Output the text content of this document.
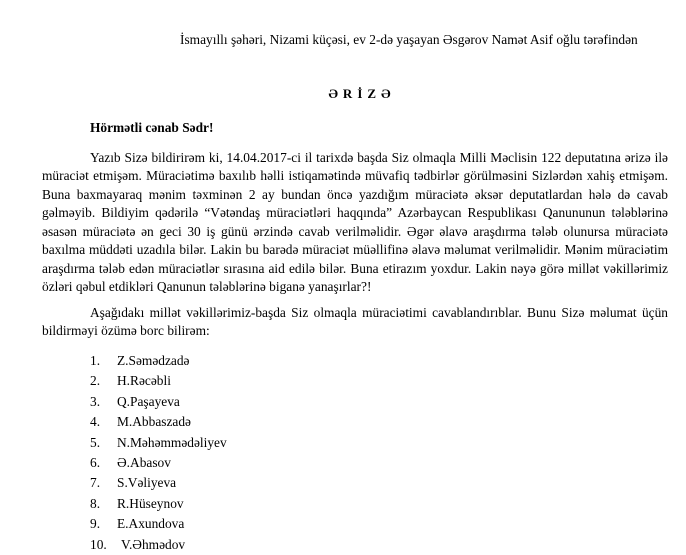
İsmayıllı şəhəri, Nizami küçəsi, ev 2-də yaşayan Əsgərov Namət Asif oğlu tərəfindən
ƏRİZƏ
Hörmətli cənab Sədr!
Yazıb Sizə bildirirəm ki, 14.04.2017-ci il tarixdə başda Siz olmaqla Milli Məclisin 122 deputatına ərizə ilə
müraciət etmişəm. Müraciətimə baxılıb həlli istiqamətində müvafiq tədbirlər görülməsini Sizlərdən xahiş etmişəm.
Buna baxmayaraq mənim təxminən 2 ay bundan öncə yazdığım müraciətə əksər deputatlardan hələ də cavab
gəlməyib. Bildiyim qədərilə “Vətəndaş müraciətləri haqqında” Azərbaycan Respublikası Qanununun tələblərinə
əsasən müraciətə ən geci 30 iş günü ərzində cavab verilməlidir. Əgər əlavə araşdırma tələb olunursa müraciətə
baxılma müddəti uzadıla bilər. Lakin bu barədə müraciət müəllifinə əlavə məlumat verilməlidir. Mənim müraciətim
araşdırma tələb edən müraciətlər sırasına aid edilə bilər. Buna etirazım yoxdur. Lakin nəyə görə millət vəkillərimiz
özləri qəbul etdikləri Qanunun tələblərinə biganə yanaşırlar?!
Aşağıdakı millət vəkillərimiz-başda Siz olmaqla müraciətimi cavablandırıblar. Bunu Sizə məlumat üçün
bildirməyi özümə borc bilirəm:
1.	Z.Səmədzadə
2.	H.Rəcəbli
3.	Q.Paşayeva
4.	M.Abbaszadə
5.	N.Məhəmmədəliyev
6.	Ə.Abasov
7.	S.Vəliyeva
8.	R.Hüseynov
9.	E.Axundova
10.	V.Əhmədov
